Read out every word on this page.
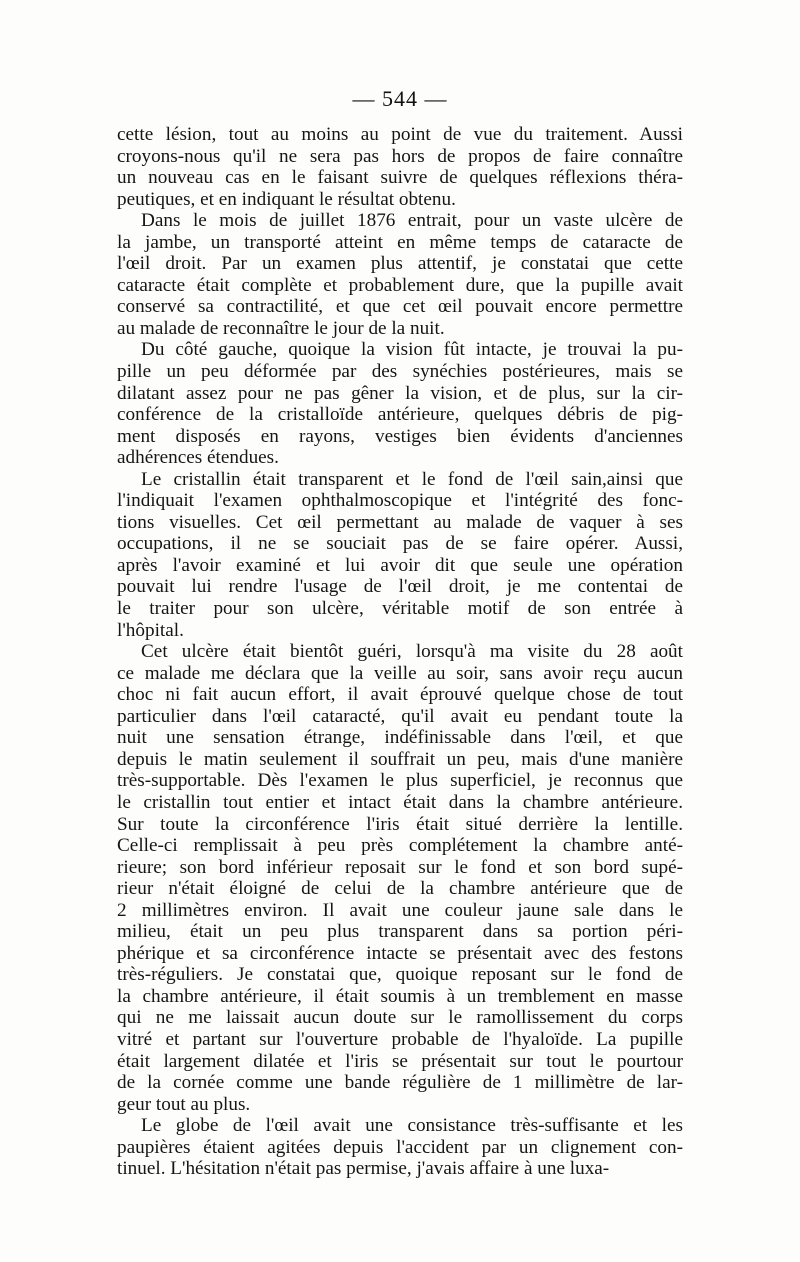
— 544 —
cette lésion, tout au moins au point de vue du traitement. Aussi
croyons-nous qu'il ne sera pas hors de propos de faire connaître
un nouveau cas en le faisant suivre de quelques réflexions théra-
peutiques, et en indiquant le résultat obtenu.
Dans le mois de juillet 1876 entrait, pour un vaste ulcère de
la jambe, un transporté atteint en même temps de cataracte de
l'œil droit. Par un examen plus attentif, je constatai que cette
cataracte était complète et probablement dure, que la pupille avait
conservé sa contractilité, et que cet œil pouvait encore permettre
au malade de reconnaître le jour de la nuit.
Du côté gauche, quoique la vision fût intacte, je trouvai la pu-
pille un peu déformée par des synéchies postérieures, mais se
dilatant assez pour ne pas gêner la vision, et de plus, sur la cir-
conférence de la cristalloïde antérieure, quelques débris de pig-
ment disposés en rayons, vestiges bien évidents d'anciennes
adhérences étendues.
Le cristallin était transparent et le fond de l'œil sain,ainsi que
l'indiquait l'examen ophthalmoscopique et l'intégrité des fonc-
tions visuelles. Cet œil permettant au malade de vaquer à ses
occupations, il ne se souciait pas de se faire opérer. Aussi,
après l'avoir examiné et lui avoir dit que seule une opération
pouvait lui rendre l'usage de l'œil droit, je me contentai de
le traiter pour son ulcère, véritable motif de son entrée à
l'hôpital.
Cet ulcère était bientôt guéri, lorsqu'à ma visite du 28 août
ce malade me déclara que la veille au soir, sans avoir reçu aucun
choc ni fait aucun effort, il avait éprouvé quelque chose de tout
particulier dans l'œil cataracté, qu'il avait eu pendant toute la
nuit une sensation étrange, indéfinissable dans l'œil, et que
depuis le matin seulement il souffrait un peu, mais d'une manière
très-supportable. Dès l'examen le plus superficiel, je reconnus que
le cristallin tout entier et intact était dans la chambre antérieure.
Sur toute la circonférence l'iris était situé derrière la lentille.
Celle-ci remplissait à peu près complétement la chambre anté-
rieure; son bord inférieur reposait sur le fond et son bord supé-
rieur n'était éloigné de celui de la chambre antérieure que de
2 millimètres environ. Il avait une couleur jaune sale dans le
milieu, était un peu plus transparent dans sa portion péri-
phérique et sa circonférence intacte se présentait avec des festons
très-réguliers. Je constatai que, quoique reposant sur le fond de
la chambre antérieure, il était soumis à un tremblement en masse
qui ne me laissait aucun doute sur le ramollissement du corps
vitré et partant sur l'ouverture probable de l'hyaloïde. La pupille
était largement dilatée et l'iris se présentait sur tout le pourtour
de la cornée comme une bande régulière de 1 millimètre de lar-
geur tout au plus.
Le globe de l'œil avait une consistance très-suffisante et les
paupières étaient agitées depuis l'accident par un clignement con-
tinuel. L'hésitation n'était pas permise, j'avais affaire à une luxa-
